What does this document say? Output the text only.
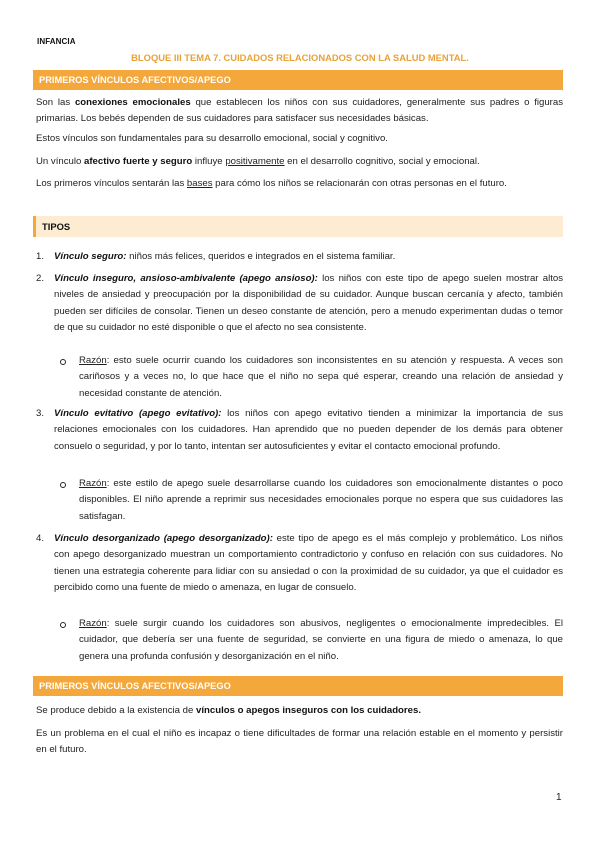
INFANCIA
BLOQUE III TEMA 7. CUIDADOS RELACIONADOS CON LA SALUD MENTAL.
PRIMEROS VÍNCULOS AFECTIVOS/APEGO
Son las conexiones emocionales que establecen los niños con sus cuidadores, generalmente sus padres o figuras primarias. Los bebés dependen de sus cuidadores para satisfacer sus necesidades básicas.
Estos vínculos son fundamentales para su desarrollo emocional, social y cognitivo.
Un vínculo afectivo fuerte y seguro influye positivamente en el desarrollo cognitivo, social y emocional.
Los primeros vínculos sentarán las bases para cómo los niños se relacionarán con otras personas en el futuro.
TIPOS
1. Vínculo seguro: niños más felices, queridos e integrados en el sistema familiar.
2. Vínculo inseguro, ansioso-ambivalente (apego ansioso): los niños con este tipo de apego suelen mostrar altos niveles de ansiedad y preocupación por la disponibilidad de su cuidador. Aunque buscan cercanía y afecto, también pueden ser difíciles de consolar. Tienen un deseo constante de atención, pero a menudo experimentan dudas o temor de que su cuidador no esté disponible o que el afecto no sea consistente.
Razón: esto suele ocurrir cuando los cuidadores son inconsistentes en su atención y respuesta. A veces son cariñosos y a veces no, lo que hace que el niño no sepa qué esperar, creando una relación de ansiedad y necesidad constante de atención.
3. Vínculo evitativo (apego evitativo): los niños con apego evitativo tienden a minimizar la importancia de sus relaciones emocionales con los cuidadores. Han aprendido que no pueden depender de los demás para obtener consuelo o seguridad, y por lo tanto, intentan ser autosuficientes y evitar el contacto emocional profundo.
Razón: este estilo de apego suele desarrollarse cuando los cuidadores son emocionalmente distantes o poco disponibles. El niño aprende a reprimir sus necesidades emocionales porque no espera que sus cuidadores las satisfagan.
4. Vínculo desorganizado (apego desorganizado): este tipo de apego es el más complejo y problemático. Los niños con apego desorganizado muestran un comportamiento contradictorio y confuso en relación con sus cuidadores. No tienen una estrategia coherente para lidiar con su ansiedad o con la proximidad de su cuidador, ya que el cuidador es percibido como una fuente de miedo o amenaza, en lugar de consuelo.
Razón: suele surgir cuando los cuidadores son abusivos, negligentes o emocionalmente impredecibles. El cuidador, que debería ser una fuente de seguridad, se convierte en una figura de miedo o amenaza, lo que genera una profunda confusión y desorganización en el niño.
PRIMEROS VÍNCULOS AFECTIVOS/APEGO
Se produce debido a la existencia de vínculos o apegos inseguros con los cuidadores.
Es un problema en el cual el niño es incapaz o tiene dificultades de formar una relación estable en el momento y persistir en el futuro.
1
